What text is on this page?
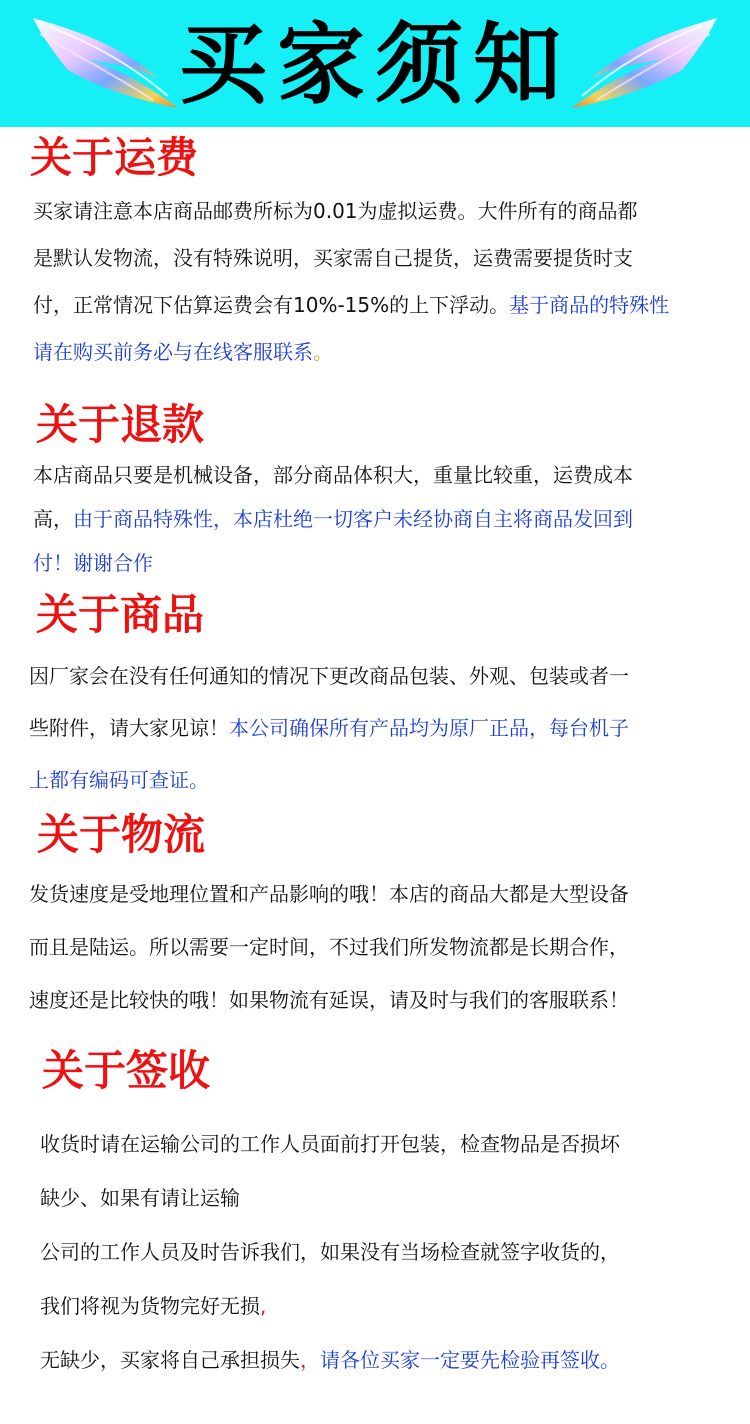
买家须知
关于运费
买家请注意本店商品邮费所标为0.01为虚拟运费。大件所有的商品都
是默认发物流，没有特殊说明，买家需自己提货，运费需要提货时支
付，正常情况下估算运费会有10%-15%的上下浮动。基于商品的特殊性
请在购买前务必与在线客服联系。
关于退款
本店商品只要是机械设备，部分商品体积大，重量比较重，运费成本
高，由于商品特殊性，本店杜绝一切客户未经协商自主将商品发回到
付！谢谢合作
关于商品
因厂家会在没有任何通知的情况下更改商品包装、外观、包装或者一
些附件，请大家见谅！本公司确保所有产品均为原厂正品，每台机子
上都有编码可查证。
关于物流
发货速度是受地理位置和产品影响的哦！本店的商品大都是大型设备
而且是陆运。所以需要一定时间，不过我们所发物流都是长期合作，
速度还是比较快的哦！如果物流有延误，请及时与我们的客服联系！
关于签收
收货时请在运输公司的工作人员面前打开包装，检查物品是否损坏
缺少、如果有请让运输
公司的工作人员及时告诉我们，如果没有当场检查就签字收货的，
我们将视为货物完好无损,
无缺少，买家将自己承担损失，请各位买家一定要先检验再签收。
